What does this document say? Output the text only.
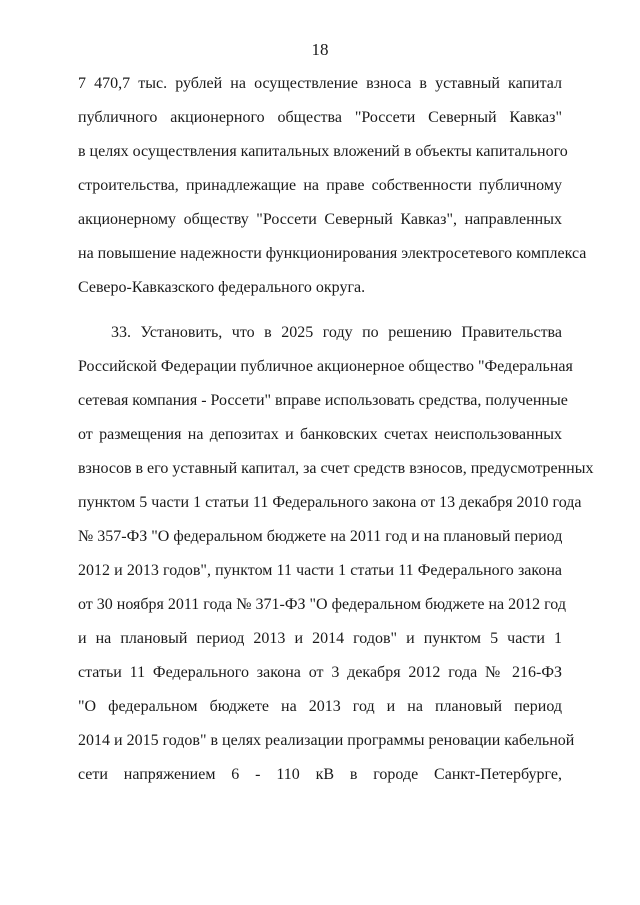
18
7 470,7 тыс. рублей на осуществление взноса в уставный капитал
публичного акционерного общества "Россети Северный Кавказ"
в целях осуществления капитальных вложений в объекты капитального
строительства, принадлежащие на праве собственности публичному
акционерному обществу "Россети Северный Кавказ", направленных
на повышение надежности функционирования электросетевого комплекса
Северо-Кавказского федерального округа.
33. Установить, что в 2025 году по решению Правительства
Российской Федерации публичное акционерное общество "Федеральная
сетевая компания - Россети" вправе использовать средства, полученные
от размещения на депозитах и банковских счетах неиспользованных
взносов в его уставный капитал, за счет средств взносов, предусмотренных
пунктом 5 части 1 статьи 11 Федерального закона от 13 декабря 2010 года
№ 357-ФЗ "О федеральном бюджете на 2011 год и на плановый период
2012 и 2013 годов", пунктом 11 части 1 статьи 11 Федерального закона
от 30 ноября 2011 года № 371-ФЗ "О федеральном бюджете на 2012 год
и на плановый период 2013 и 2014 годов" и пунктом 5 части 1
статьи 11 Федерального закона от 3 декабря 2012 года № 216-ФЗ
"О федеральном бюджете на 2013 год и на плановый период
2014 и 2015 годов" в целях реализации программы реновации кабельной
сети напряжением 6 - 110 кВ в городе Санкт-Петербурге,
